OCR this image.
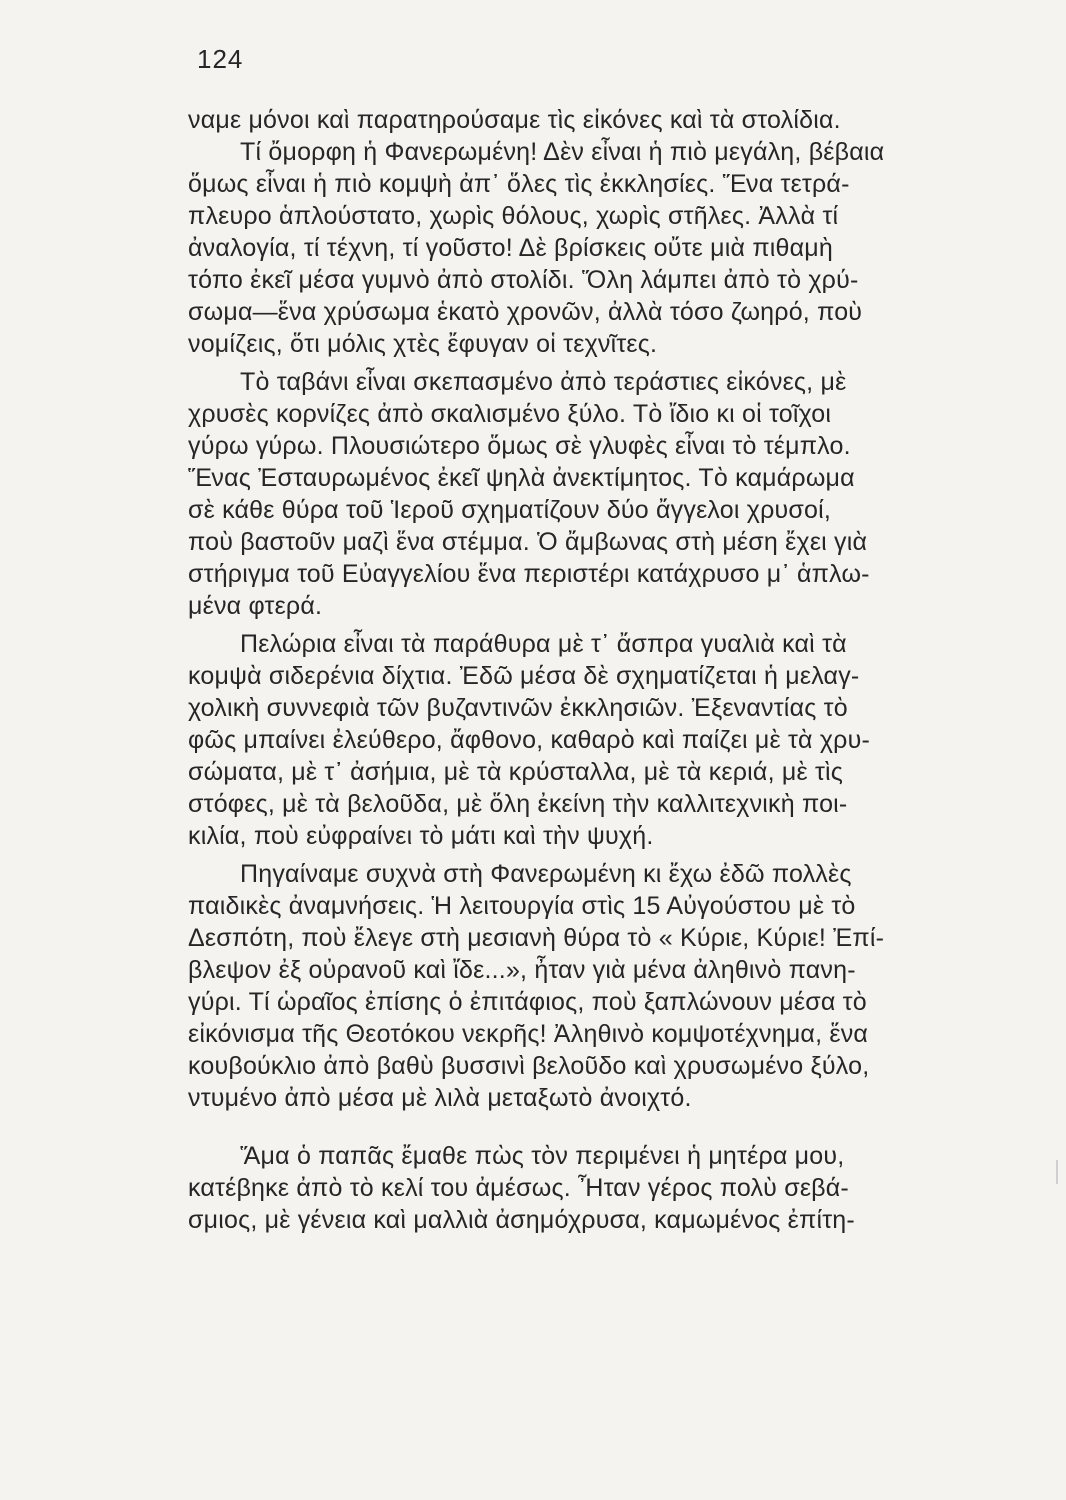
124
ναμε μόνοι καὶ παρατηρούσαμε τὶς εἰκόνες καὶ τὰ στολίδια.
Τί ὄμορφη ἡ Φανερωμένη! Δὲν εἶναι ἡ πιὸ μεγάλη, βέβαια
ὅμως εἶναι ἡ πιὸ κομψὴ ἀπ᾽ ὅλες τὶς ἐκκλησίες. Ἕνα τετρά-
πλευρο ἁπλούστατο, χωρὶς θόλους, χωρὶς στῆλες. Ἀλλὰ τί
ἀναλογία, τί τέχνη, τί γοῦστο! Δὲ βρίσκεις οὔτε μιὰ πιθαμὴ
τόπο ἐκεῖ μέσα γυμνὸ ἀπὸ στολίδι. Ὅλη λάμπει ἀπὸ τὸ χρύ-
σωμα—ἕνα χρύσωμα ἑκατὸ χρονῶν, ἀλλὰ τόσο ζωηρό, ποὺ
νομίζεις, ὅτι μόλις χτὲς ἔφυγαν οἱ τεχνῖτες.
Τὸ ταβάνι εἶναι σκεπασμένο ἀπὸ τεράστιες εἰκόνες, μὲ
χρυσὲς κορνίζες ἀπὸ σκαλισμένο ξύλο. Τὸ ἴδιο κι οἱ τοῖχοι
γύρω γύρω. Πλουσιώτερο ὅμως σὲ γλυφὲς εἶναι τὸ τέμπλο.
Ἕνας Ἐσταυρωμένος ἐκεῖ ψηλὰ ἀνεκτίμητος. Τὸ καμάρωμα
σὲ κάθε θύρα τοῦ Ἱεροῦ σχηματίζουν δύο ἄγγελοι χρυσοί,
ποὺ βαστοῦν μαζὶ ἕνα στέμμα. Ὁ ἄμβωνας στὴ μέση ἔχει γιὰ
στήριγμα τοῦ Εὐαγγελίου ἕνα περιστέρι κατάχρυσο μ᾽ ἁπλω-
μένα φτερά.
Πελώρια εἶναι τὰ παράθυρα μὲ τ᾽ ἄσπρα γυαλιὰ καὶ τὰ
κομψὰ σιδερένια δίχτια. Ἐδῶ μέσα δὲ σχηματίζεται ἡ μελαγ-
χολικὴ συννεφιὰ τῶν βυζαντινῶν ἐκκλησιῶν. Ἐξεναντίας τὸ
φῶς μπαίνει ἐλεύθερο, ἄφθονο, καθαρὸ καὶ παίζει μὲ τὰ χρυ-
σώματα, μὲ τ᾽ ἀσήμια, μὲ τὰ κρύσταλλα, μὲ τὰ κεριά, μὲ τὶς
στόφες, μὲ τὰ βελοῦδα, μὲ ὅλη ἐκείνη τὴν καλλιτεχνικὴ ποι-
κιλία, ποὺ εὐφραίνει τὸ μάτι καὶ τὴν ψυχή.
Πηγαίναμε συχνὰ στὴ Φανερωμένη κι ἔχω ἐδῶ πολλὲς
παιδικὲς ἀναμνήσεις. Ἡ λειτουργία στὶς 15 Αὐγούστου μὲ τὸ
Δεσπότη, ποὺ ἔλεγε στὴ μεσιανὴ θύρα τὸ « Κύριε, Κύριε! Ἐπί-
βλεψον ἐξ οὐρανοῦ καὶ ἴδε...», ἦταν γιὰ μένα ἀληθινὸ πανη-
γύρι. Τί ὡραῖος ἐπίσης ὁ ἐπιτάφιος, ποὺ ξαπλώνουν μέσα τὸ
εἰκόνισμα τῆς Θεοτόκου νεκρῆς! Ἀληθινὸ κομψοτέχνημα, ἕνα
κουβούκλιο ἀπὸ βαθὺ βυσσινὶ βελοῦδο καὶ χρυσωμένο ξύλο,
ντυμένο ἀπὸ μέσα μὲ λιλὰ μεταξωτὸ ἀνοιχτό.
Ἅμα ὁ παπᾶς ἔμαθε πὼς τὸν περιμένει ἡ μητέρα μου,
κατέβηκε ἀπὸ τὸ κελί του ἀμέσως. Ἦταν γέρος πολὺ σεβά-
σμιος, μὲ γένεια καὶ μαλλιὰ ἀσημόχρυσα, καμωμένος ἐπίτη-
